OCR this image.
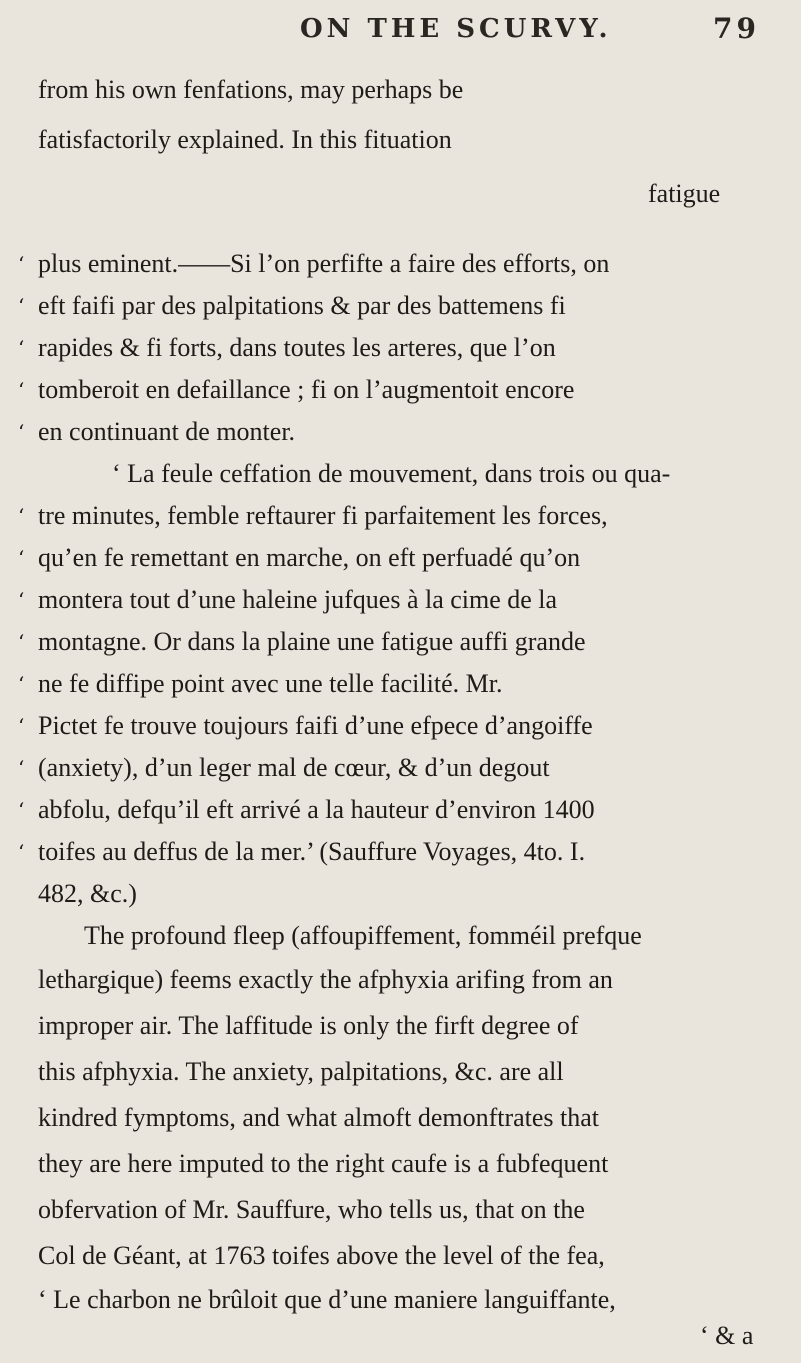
ON THE SCURVY.	79
from his own fenfations, may perhaps be
fatisfactorily explained. In this fituation
fatigue
‘ plus eminent.——Si l’on perfifte a faire des efforts, on
‘ eft faifi par des palpitations & par des battemens fi
‘ rapides & fi forts, dans toutes les arteres, que l’on
‘ tomberoit en defaillance ; fi on l’augmentoit encore
‘ en continuant de monter.
‘ La feule ceffation de mouvement, dans trois ou qua-
‘ tre minutes, femble reftaurer fi parfaitement les forces,
‘ qu’en fe remettant en marche, on eft perfuadé qu’on
‘ montera tout d’une haleine jufques à la cime de la
‘ montagne. Or dans la plaine une fatigue auffi grande
‘ ne fe diffipe point avec une telle facilité. Mr.
‘ Pictet fe trouve toujours faifi d’une efpece d’angoiffe
‘ (anxiety), d’un leger mal de cœur, & d’un degout
‘ abfolu, defqu’il eft arrivé a la hauteur d’environ 1400
‘ toifes au deffus de la mer.’ (Sauffure Voyages, 4to. I.
482, &c.)
The profound fleep (affoupiffement, fomméil prefque
lethargique) feems exactly the afphyxia arifing from an
improper air. The laffitude is only the firft degree of
this afphyxia. The anxiety, palpitations, &c. are all
kindred fymptoms, and what almoft demonftrates that
they are here imputed to the right caufe is a fubfequent
obfervation of Mr. Sauffure, who tells us, that on the
Col de Géant, at 1763 toifes above the level of the fea,
‘ Le charbon ne brûloit que d’une maniere languiffante,
‘ & a
